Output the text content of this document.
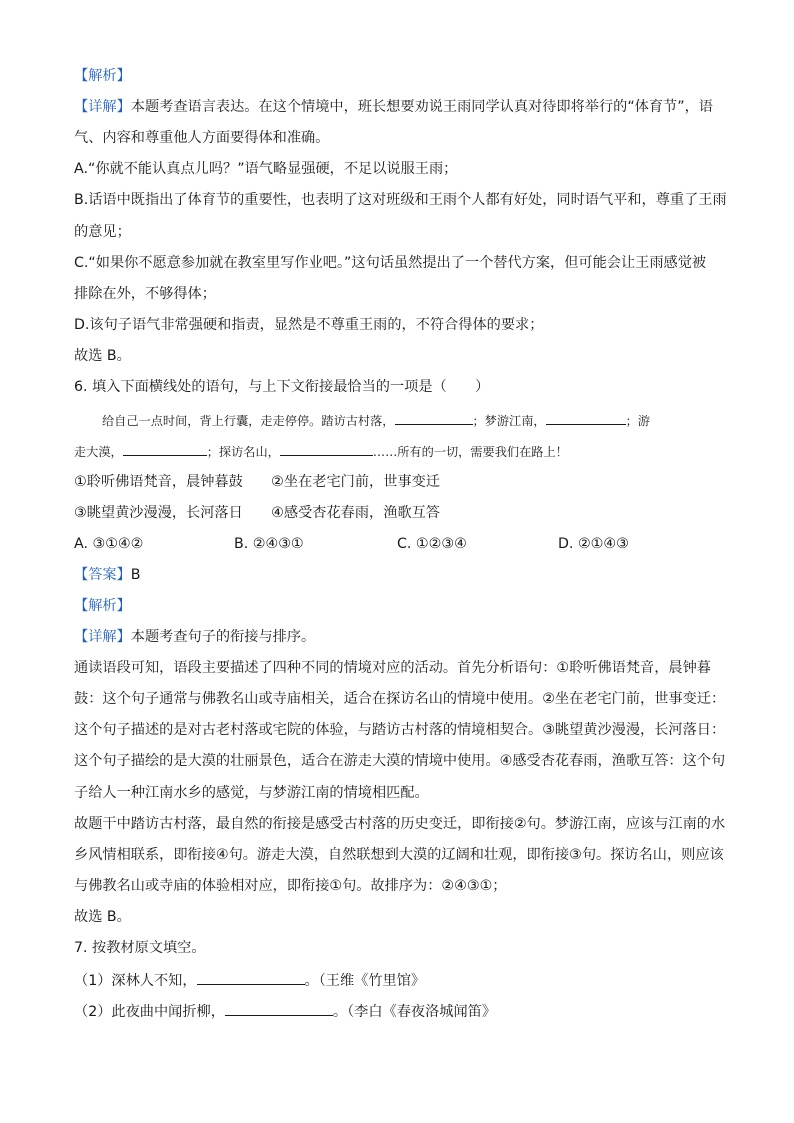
【解析】
【详解】本题考查语言表达。在这个情境中，班长想要劝说王雨同学认真对待即将举行的“体育节”，语
气、内容和尊重他人方面要得体和准确。
A.“你就不能认真点儿吗？”语气略显强硬，不足以说服王雨；
B.话语中既指出了体育节的重要性，也表明了这对班级和王雨个人都有好处，同时语气平和，尊重了王雨
的意见；
C.“如果你不愿意参加就在教室里写作业吧。”这句话虽然提出了一个替代方案，但可能会让王雨感觉被
排除在外，不够得体；
D.该句子语气非常强硬和指责，显然是不尊重王雨的，不符合得体的要求；
故选 B。
6. 填入下面横线处的语句，与上下文衔接最恰当的一项是（　　）
给自己一点时间，背上行囊，走走停停。踏访古村落，	；梦游江南，	；游
走大漠，	；探访名山，	……所有的一切，需要我们在路上！
①聆听佛语梵音，晨钟暮鼓　　②坐在老宅门前，世事变迁
③眺望黄沙漫漫，长河落日　　④感受杏花春雨，渔歌互答
A. ③①④②	B. ②④③①	C. ①②③④	D. ②①④③
【答案】B
【解析】
【详解】本题考查句子的衔接与排序。
通读语段可知，语段主要描述了四种不同的情境对应的活动。首先分析语句：①聆听佛语梵音，晨钟暮
鼓：这个句子通常与佛教名山或寺庙相关，适合在探访名山的情境中使用。②坐在老宅门前，世事变迁：
这个句子描述的是对古老村落或宅院的体验，与踏访古村落的情境相契合。③眺望黄沙漫漫，长河落日：
这个句子描绘的是大漠的壮丽景色，适合在游走大漠的情境中使用。④感受杏花春雨，渔歌互答：这个句
子给人一种江南水乡的感觉，与梦游江南的情境相匹配。
故题干中踏访古村落，最自然的衔接是感受古村落的历史变迁，即衔接②句。梦游江南，应该与江南的水
乡风情相联系，即衔接④句。游走大漠，自然联想到大漠的辽阔和壮观，即衔接③句。探访名山，则应该
与佛教名山或寺庙的体验相对应，即衔接①句。故排序为：②④③①；
故选 B。
7. 按教材原文填空。
（1）深林人不知，	。（王维《竹里馆》
（2）此夜曲中闻折柳，	。（李白《春夜洛城闻笛》
